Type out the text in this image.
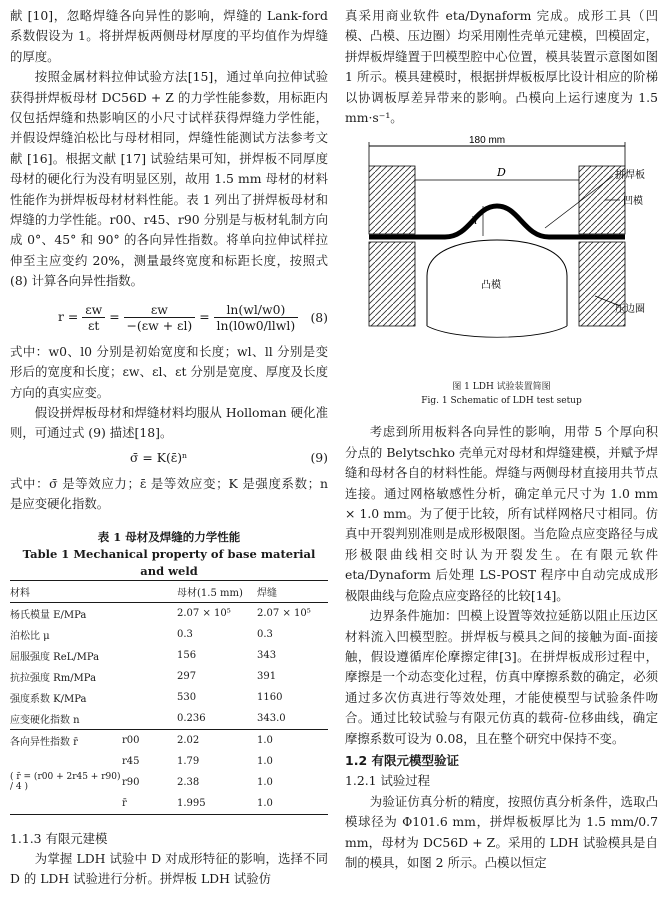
献 [10]，忽略焊缝各向异性的影响，焊缝的 Lank-ford 系数假设为 1。将拼焊板两侧母材厚度的平均值作为焊缝的厚度。

按照金属材料拉伸试验方法[15]，通过单向拉伸试验获得拼焊板母材 DC56D + Z 的力学性能参数，用标距内仅包括焊缝和热影响区的小尺寸试样获得焊缝力学性能，并假设焊缝泊松比与母材相同，焊缝性能测试方法参考文献 [16]。根据文献 [17] 试验结果可知，拼焊板不同厚度母材的硬化行为没有明显区别，故用 1.5 mm 母材的材料性能作为拼焊板母材材料性能。表 1 列出了拼焊板母材和焊缝的力学性能。r00、r45、r90 分别是与板材轧制方向成 0°、45° 和 90° 的各向异性指数。将单向拉伸试样拉伸至主应变约 20%，测量最终宽度和标距长度，按照式 (8) 计算各向异性指数。

$r = \frac{\varepsilon w}{\varepsilon t} = \frac{\varepsilon w}{-(\varepsilon w + \varepsilon l)} = \frac{\ln(wl/w0)}{\text{ln(l0w0/llwl)}} (8)$

式中：w0、l0 分别是初始宽度和长度；wl、ll 分别是变形后的宽度和长度；εw、εl、εt 分别是宽度、厚度及长度方向的真实应变。

假设拼焊板母材和焊缝材料均服从 Holloman 硬化准则，可通过式 (9) 描述[18]。

σ̄ = K(ε̄)ⁿ	(9)

式中：σ̄ 是等效应力；ε̄ 是等效应变；K 是强度系数；n 是应变硬化指数。

表 1 母材及焊缝的力学性能
Table 1 Mechanical property of base material and weld
材料		母材(1.5 mm)	焊缝
杨氏模量 E/MPa		2.07 × 10⁵	2.07 × 10⁵
泊松比 μ		0.3	0.3
屈服强度 ReL/MPa		156	343
抗拉强度 Rm/MPa		297	391
强度系数 K/MPa		530	1160
应变硬化指数 n		0.236	343.0
各向异性指数 r̄	r00	2.02	1.0
	r45	1.79	1.0
( r̄ = (r00 + 2r45 + r90) / 4 )	r90	2.38	1.0
	r̄	1.995	1.0

1.1.3 有限元建模

为掌握 LDH 试验中 D 对成形特征的影响，选择不同 D 的 LDH 试验进行分析。拼焊板 LDH 试验仿

真采用商业软件 eta/Dynaform 完成。成形工具（凹模、凸模、压边圈）均采用刚性壳单元建模，凹模固定，拼焊板焊缝置于凹模型腔中心位置，模具装置示意图如图 1 所示。模具建模时，根据拼焊板板厚比设计相应的阶梯以协调板厚差异带来的影响。凸模向上运行速度为 1.5 mm·s⁻¹。

180 mm
D
h
凸模
拼焊板
凹模
压边圈
图 1 LDH 试验装置简图
Fig. 1 Schematic of LDH test setup

考虑到所用板料各向异性的影响，用带 5 个厚向积分点的 Belytschko 壳单元对母材和焊缝建模，并赋予焊缝和母材各自的材料性能。焊缝与两侧母材直接用共节点连接。通过网格敏感性分析，确定单元尺寸为 1.0 mm × 1.0 mm。为了便于比较，所有试样网格尺寸相同。仿真中开裂判别准则是成形极限图。当危险点应变路径与成形极限曲线相交时认为开裂发生。在有限元软件 eta/Dynaform 后处理 LS-POST 程序中自动完成成形极限曲线与危险点应变路径的比较[14]。

边界条件施加：凹模上设置等效拉延筋以阻止压边区材料流入凹模型腔。拼焊板与模具之间的接触为面-面接触，假设遵循库伦摩擦定律[3]。在拼焊板成形过程中，摩擦是一个动态变化过程，仿真中摩擦系数的确定，必须通过多次仿真进行等效处理，才能使模型与试验条件吻合。通过比较试验与有限元仿真的载荷-位移曲线，确定摩擦系数可设为 0.08，且在整个研究中保持不变。

1.2 有限元模型验证

1.2.1 试验过程

为验证仿真分析的精度，按照仿真分析条件，选取凸模球径为 Φ101.6 mm，拼焊板板厚比为 1.5 mm/0.7 mm，母材为 DC56D + Z。采用的 LDH 试验模具是自制的模具，如图 2 所示。凸模以恒定
